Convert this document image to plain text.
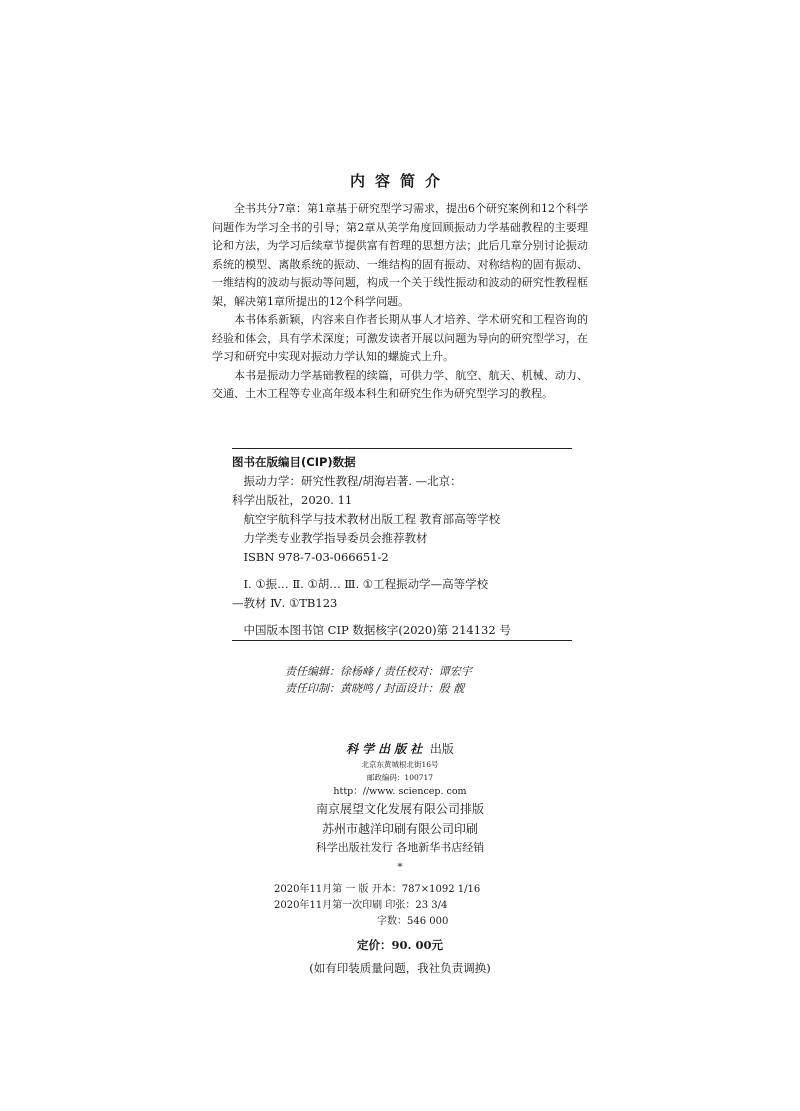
内容简介

全书共分7章：第1章基于研究型学习需求，提出6个研究案例和12个科学问题作为学习全书的引导；第2章从美学角度回顾振动力学基础教程的主要理论和方法，为学习后续章节提供富有哲理的思想方法；此后几章分别讨论振动系统的模型、离散系统的振动、一维结构的固有振动、对称结构的固有振动、一维结构的波动与振动等问题，构成一个关于线性振动和波动的研究性教程框架，解决第1章所提出的12个科学问题。

本书体系新颖，内容来自作者长期从事人才培养、学术研究和工程咨询的经验和体会，具有学术深度；可激发读者开展以问题为导向的研究型学习，在学习和研究中实现对振动力学认知的螺旋式上升。

本书是振动力学基础教程的续篇，可供力学、航空、航天、机械、动力、交通、土木工程等专业高年级本科生和研究生作为研究型学习的教程。

图书在版编目(CIP)数据
振动力学：研究性教程/胡海岩著. —北京：
科学出版社，2020. 11
航空宇航科学与技术教材出版工程 教育部高等学校
力学类专业教学指导委员会推荐教材
ISBN 978-7-03-066651-2
Ⅰ. ①振… Ⅱ. ①胡… Ⅲ. ①工程振动学—高等学校
—教材 Ⅳ. ①TB123
中国版本图书馆 CIP 数据核字(2020)第 214132 号
责任编辑：徐杨峰 / 责任校对：谭宏宇
责任印制：黄晓鸣 / 封面设计：殷 靓
科学出版社 出版
北京东黄城根北街16号
邮政编码：100717
http：//www. sciencep. com
南京展望文化发展有限公司排版
苏州市越洋印刷有限公司印刷
科学出版社发行 各地新华书店经销
*
2020年11月第 一 版 开本：787×1092 1/16
2020年11月第一次印刷 印张：23 3/4
字数：546 000
定价：90. 00元
(如有印装质量问题，我社负责调换)
